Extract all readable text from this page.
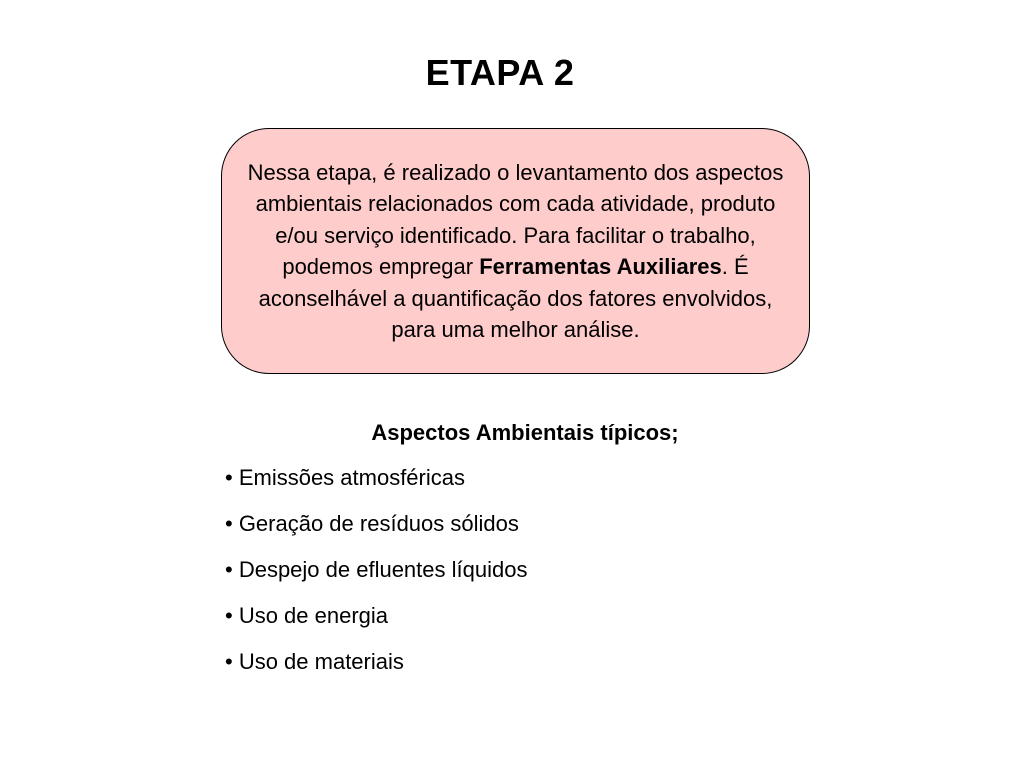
ETAPA 2
Nessa etapa, é realizado o levantamento dos aspectos ambientais relacionados com cada atividade, produto e/ou serviço identificado. Para facilitar o trabalho, podemos empregar Ferramentas Auxiliares. É aconselhável a quantificação dos fatores envolvidos, para uma melhor análise.
Aspectos Ambientais típicos;
• Emissões atmosféricas
• Geração de resíduos sólidos
• Despejo de efluentes líquidos
• Uso de energia
• Uso de materiais
